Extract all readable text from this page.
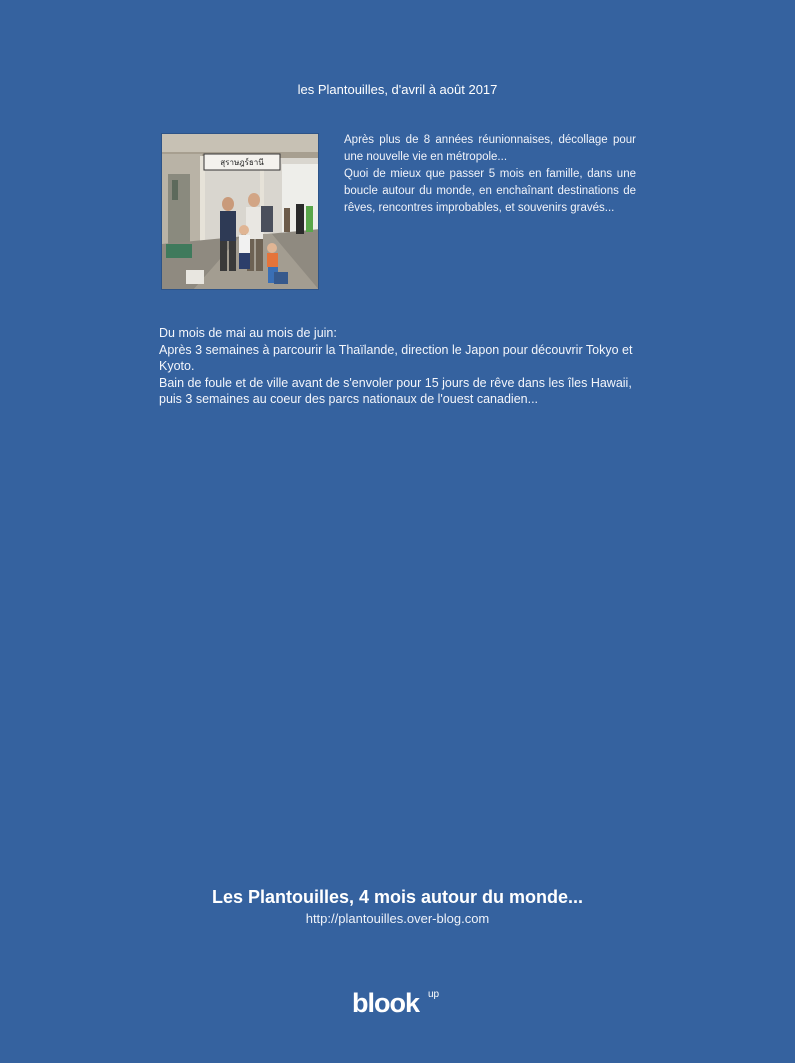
les Plantouilles, d'avril à août 2017
สุราษฎร์ธานี

Après plus de 8 années réunionnaises, décollage pour une nouvelle vie en métropole...

Quoi de mieux que passer 5 mois en famille, dans une boucle autour du monde, en enchaînant destinations de rêves, rencontres improbables, et souvenirs gravés...

Du mois de mai au mois de juin:

Après 3 semaines à parcourir la Thaïlande, direction le Japon pour découvrir Tokyo et Kyoto.

Bain de foule et de ville avant de s'envoler pour 15 jours de rêve dans les îles Hawaii, puis 3 semaines au coeur des parcs nationaux de l'ouest canadien...

Les Plantouilles, 4 mois autour du monde...
http://plantouilles.over-blog.com
blook up
